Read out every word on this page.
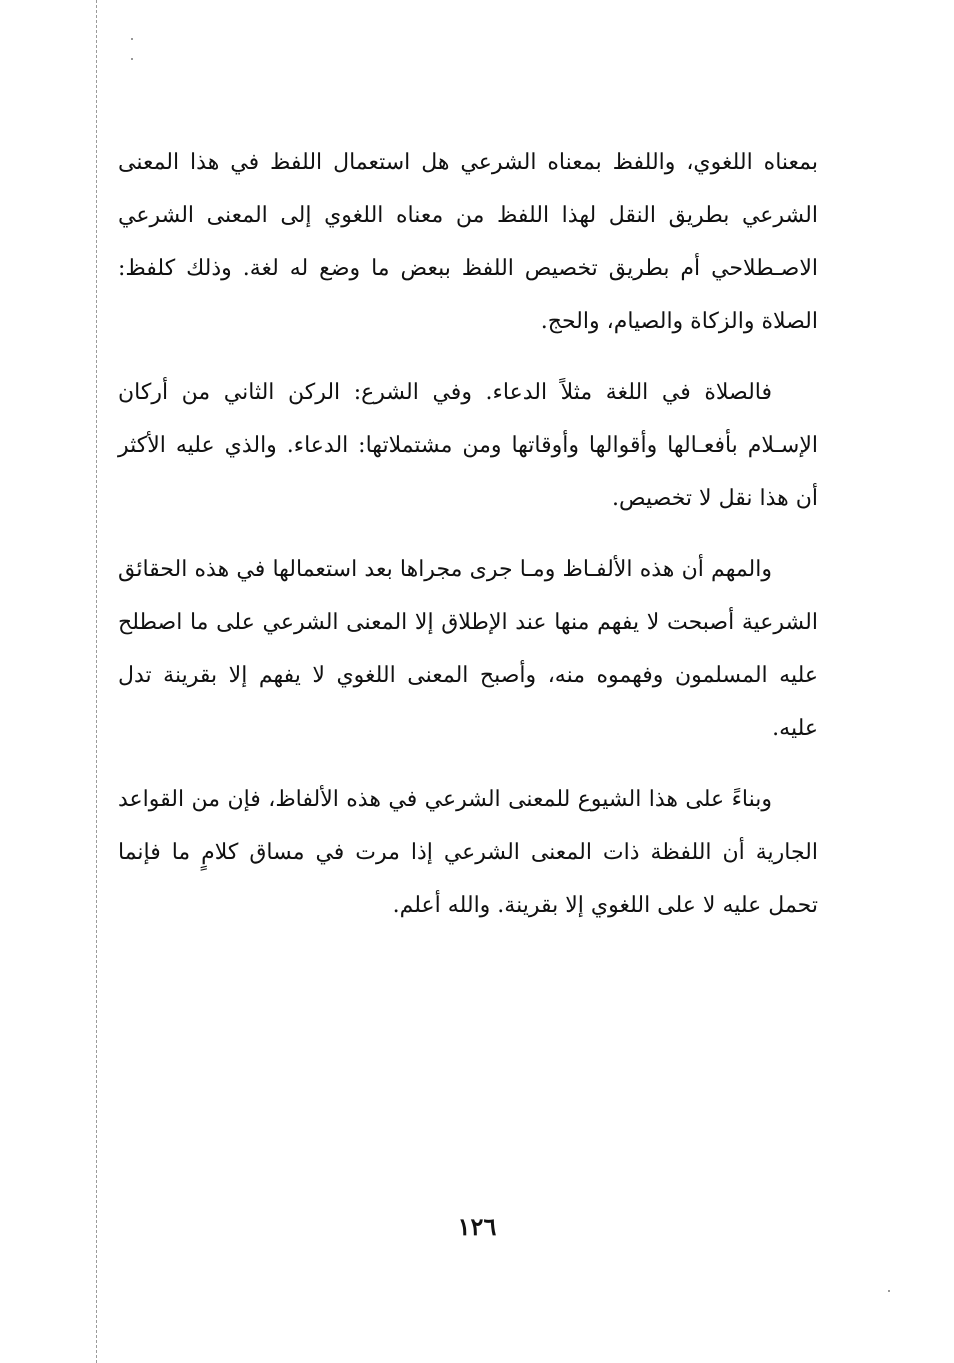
بمعناه اللغوي، واللفظ بمعناه الشرعي هل استعمال اللفظ في هذا المعنى الشرعي بطريق النقل لهذا اللفظ من معناه اللغوي إلى المعنى الشرعي الاصـطلاحي أم بطريق تخصيص اللفظ ببعض ما وضع له لغة. وذلك كلفظ: الصلاة والزكاة والصيام، والحج.

فالصلاة في اللغة مثلاً الدعاء. وفي الشرع: الركن الثاني من أركان الإسـلام بأفعـالها وأقوالها وأوقاتها ومن مشتملاتها: الدعاء. والذي عليه الأكثر أن هذا نقل لا تخصيص.

والمهم أن هذه الألفـاظ ومـا جرى مجراها بعد استعمالها في هذه الحقائق الشرعية أصبحت لا يفهم منها عند الإطلاق إلا المعنى الشرعي على ما اصطلح عليه المسلمون وفهموه منه، وأصبح المعنى اللغوي لا يفهم إلا بقرينة تدل عليه.

وبناءً على هذا الشيوع للمعنى الشرعي في هذه الألفاظ، فإن من القواعد الجارية أن اللفظة ذات المعنى الشرعي إذا مرت في مساق كلامٍ ما فإنما تحمل عليه لا على اللغوي إلا بقرينة. والله أعلم.

١٢٦
